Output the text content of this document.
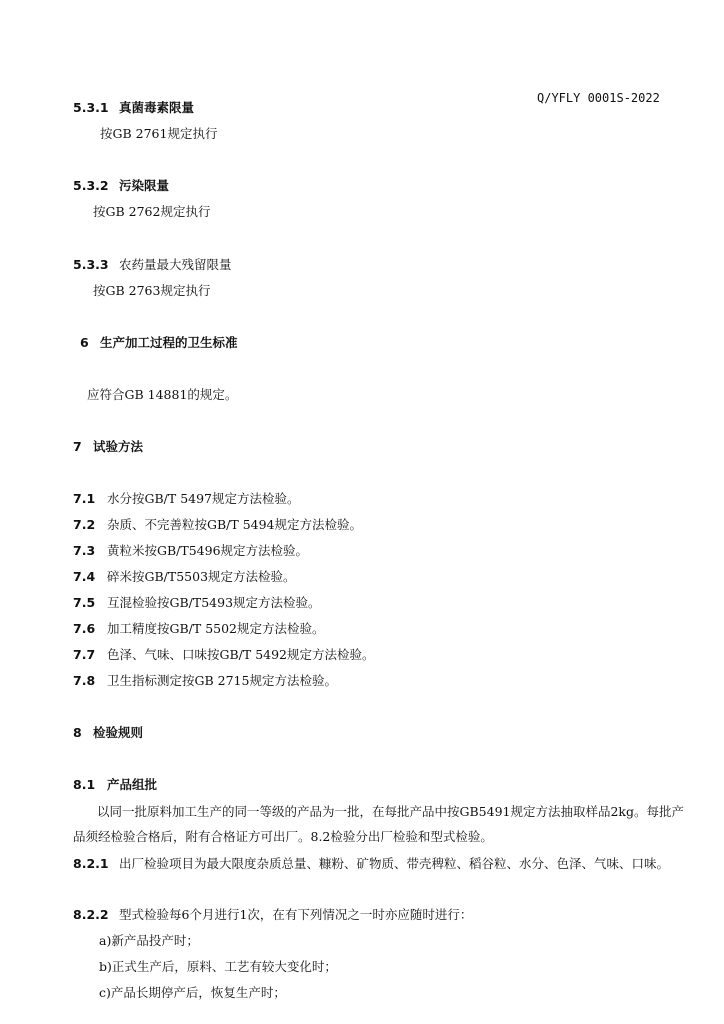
Q/YFLY 0001S-2022
5.3.1 真菌毒素限量
按GB 2761规定执行
5.3.2 污染限量
按GB 2762规定执行
5.3.3 农药量最大残留限量
按GB 2763规定执行
6 生产加工过程的卫生标准
应符合GB 14881的规定。
7 试验方法
7.1 水分按GB/T 5497规定方法检验。
7.2 杂质、不完善粒按GB/T 5494规定方法检验。
7.3 黄粒米按GB/T5496规定方法检验。
7.4 碎米按GB/T5503规定方法检验。
7.5 互混检验按GB/T5493规定方法检验。
7.6 加工精度按GB/T 5502规定方法检验。
7.7 色泽、气味、口味按GB/T 5492规定方法检验。
7.8 卫生指标测定按GB 2715规定方法检验。
8 检验规则
8.1 产品组批
以同一批原料加工生产的同一等级的产品为一批，在每批产品中按GB5491规定方法抽取样品2kg。每批产品须经检验合格后，附有合格证方可出厂。8.2检验分出厂检验和型式检验。
8.2.1 出厂检验项目为最大限度杂质总量、糠粉、矿物质、带壳稗粒、稻谷粒、水分、色泽、气味、口味。
8.2.2 型式检验每6个月进行1次，在有下列情况之一时亦应随时进行：
a)新产品投产时；
b)正式生产后，原料、工艺有较大变化时；
c)产品长期停产后，恢复生产时；
